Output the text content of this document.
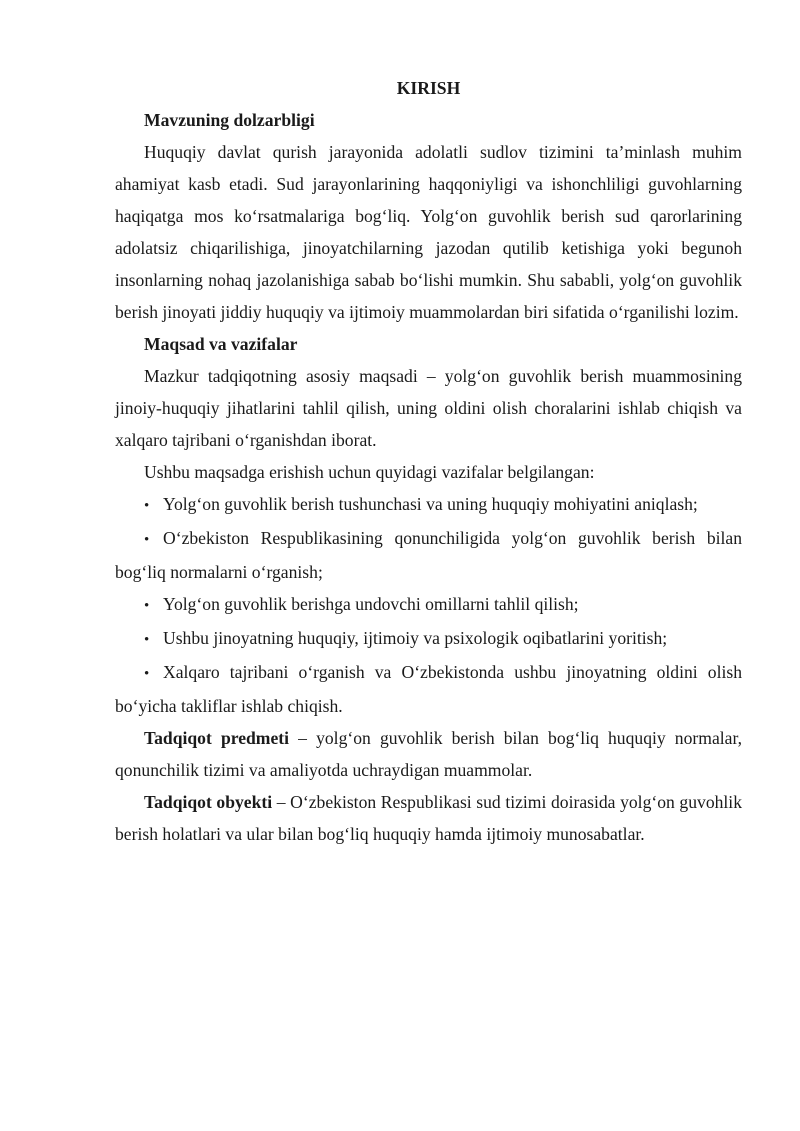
KIRISH
Mavzuning dolzarbligi

Huquqiy davlat qurish jarayonida adolatli sudlov tizimini ta’minlash muhim ahamiyat kasb etadi. Sud jarayonlarining haqqoniyligi va ishonchliligi guvohlarning haqiqatga mos ko‘rsatmalariga bog‘liq. Yolg‘on guvohlik berish sud qarorlarining adolatsiz chiqarilishiga, jinoyatchilarning jazodan qutilib ketishiga yoki begunoh insonlarning nohaq jazolanishiga sabab bo‘lishi mumkin. Shu sababli, yolg‘on guvohlik berish jinoyati jiddiy huquqiy va ijtimoiy muammolardan biri sifatida o‘rganilishi lozim.

Maqsad va vazifalar

Mazkur tadqiqotning asosiy maqsadi – yolg‘on guvohlik berish muammosining jinoiy-huquqiy jihatlarini tahlil qilish, uning oldini olish choralarini ishlab chiqish va xalqaro tajribani o‘rganishdan iborat.

Ushbu maqsadga erishish uchun quyidagi vazifalar belgilangan:

• Yolg‘on guvohlik berish tushunchasi va uning huquqiy mohiyatini aniqlash;

• O‘zbekiston Respublikasining qonunchiligida yolg‘on guvohlik berish bilan bog‘liq normalarni o‘rganish;

• Yolg‘on guvohlik berishga undovchi omillarni tahlil qilish;

• Ushbu jinoyatning huquqiy, ijtimoiy va psixologik oqibatlarini yoritish;

• Xalqaro tajribani o‘rganish va O‘zbekistonda ushbu jinoyatning oldini olish bo‘yicha takliflar ishlab chiqish.

Tadqiqot predmeti – yolg‘on guvohlik berish bilan bog‘liq huquqiy normalar, qonunchilik tizimi va amaliyotda uchraydigan muammolar.

Tadqiqot obyekti – O‘zbekiston Respublikasi sud tizimi doirasida yolg‘on guvohlik berish holatlari va ular bilan bog‘liq huquqiy hamda ijtimoiy munosabatlar.
